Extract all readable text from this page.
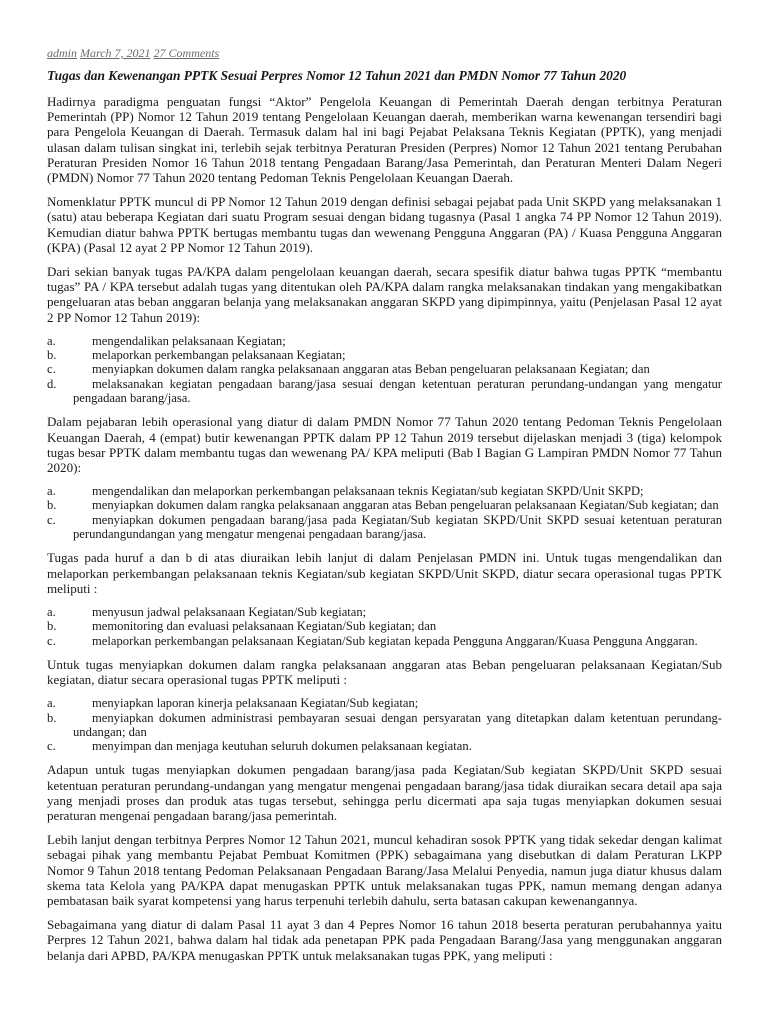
admin March 7, 2021 27 Comments
Tugas dan Kewenangan PPTK Sesuai Perpres Nomor 12 Tahun 2021 dan PMDN Nomor 77 Tahun 2020

Hadirnya paradigma penguatan fungsi “Aktor” Pengelola Keuangan di Pemerintah Daerah dengan terbitnya Peraturan Pemerintah (PP) Nomor 12 Tahun 2019 tentang Pengelolaan Keuangan daerah, memberikan warna kewenangan tersendiri bagi para Pengelola Keuangan di Daerah. Termasuk dalam hal ini bagi Pejabat Pelaksana Teknis Kegiatan (PPTK), yang menjadi ulasan dalam tulisan singkat ini, terlebih sejak terbitnya Peraturan Presiden (Perpres) Nomor 12 Tahun 2021 tentang Perubahan Peraturan Presiden Nomor 16 Tahun 2018 tentang Pengadaan Barang/Jasa Pemerintah, dan Peraturan Menteri Dalam Negeri (PMDN) Nomor 77 Tahun 2020 tentang Pedoman Teknis Pengelolaan Keuangan Daerah.

Nomenklatur PPTK muncul di PP Nomor 12 Tahun 2019 dengan definisi sebagai pejabat pada Unit SKPD yang melaksanakan 1 (satu) atau beberapa Kegiatan dari suatu Program sesuai dengan bidang tugasnya (Pasal 1 angka 74 PP Nomor 12 Tahun 2019). Kemudian diatur bahwa PPTK bertugas membantu tugas dan wewenang Pengguna Anggaran (PA) / Kuasa Pengguna Anggaran (KPA) (Pasal 12 ayat 2 PP Nomor 12 Tahun 2019).

Dari sekian banyak tugas PA/KPA dalam pengelolaan keuangan daerah, secara spesifik diatur bahwa tugas PPTK “membantu tugas” PA / KPA tersebut adalah tugas yang ditentukan oleh PA/KPA dalam rangka melaksanakan tindakan yang mengakibatkan pengeluaran atas beban anggaran belanja yang melaksanakan anggaran SKPD yang dipimpinnya, yaitu (Penjelasan Pasal 12 ayat 2 PP Nomor 12 Tahun 2019):

a.	mengendalikan pelaksanaan Kegiatan;
b.	melaporkan perkembangan pelaksanaan Kegiatan;
c.	menyiapkan dokumen dalam rangka pelaksanaan anggaran atas Beban pengeluaran pelaksanaan Kegiatan; dan
d.	melaksanakan kegiatan pengadaan barang/jasa sesuai dengan ketentuan peraturan perundang-undangan yang mengatur pengadaan barang/jasa.

Dalam pejabaran lebih operasional yang diatur di dalam PMDN Nomor 77 Tahun 2020 tentang Pedoman Teknis Pengelolaan Keuangan Daerah, 4 (empat) butir kewenangan PPTK dalam PP 12 Tahun 2019 tersebut dijelaskan menjadi 3 (tiga) kelompok tugas besar PPTK dalam membantu tugas dan wewenang PA/ KPA meliputi (Bab I Bagian G Lampiran PMDN Nomor 77 Tahun 2020):

a.	mengendalikan dan melaporkan perkembangan pelaksanaan teknis Kegiatan/sub kegiatan SKPD/Unit SKPD;
b.	menyiapkan dokumen dalam rangka pelaksanaan anggaran atas Beban pengeluaran pelaksanaan Kegiatan/Sub kegiatan; dan
c.	menyiapkan dokumen pengadaan barang/jasa pada Kegiatan/Sub kegiatan SKPD/Unit SKPD sesuai ketentuan peraturan perundangundangan yang mengatur mengenai pengadaan barang/jasa.

Tugas pada huruf a dan b di atas diuraikan lebih lanjut di dalam Penjelasan PMDN ini. Untuk tugas mengendalikan dan melaporkan perkembangan pelaksanaan teknis Kegiatan/sub kegiatan SKPD/Unit SKPD, diatur secara operasional tugas PPTK meliputi :

a.	menyusun jadwal pelaksanaan Kegiatan/Sub kegiatan;
b.	memonitoring dan evaluasi pelaksanaan Kegiatan/Sub kegiatan; dan
c.	melaporkan perkembangan pelaksanaan Kegiatan/Sub kegiatan kepada Pengguna Anggaran/Kuasa Pengguna Anggaran.

Untuk tugas menyiapkan dokumen dalam rangka pelaksanaan anggaran atas Beban pengeluaran pelaksanaan Kegiatan/Sub kegiatan, diatur secara operasional tugas PPTK meliputi :

a.	menyiapkan laporan kinerja pelaksanaan Kegiatan/Sub kegiatan;
b.	menyiapkan dokumen administrasi pembayaran sesuai dengan persyaratan yang ditetapkan dalam ketentuan perundang-undangan; dan
c.	menyimpan dan menjaga keutuhan seluruh dokumen pelaksanaan kegiatan.

Adapun untuk tugas menyiapkan dokumen pengadaan barang/jasa pada Kegiatan/Sub kegiatan SKPD/Unit SKPD sesuai ketentuan peraturan perundang-undangan yang mengatur mengenai pengadaan barang/jasa tidak diuraikan secara detail apa saja yang menjadi proses dan produk atas tugas tersebut, sehingga perlu dicermati apa saja tugas menyiapkan dokumen sesuai peraturan mengenai pengadaan barang/jasa pemerintah.

Lebih lanjut dengan terbitnya Perpres Nomor 12 Tahun 2021, muncul kehadiran sosok PPTK yang tidak sekedar dengan kalimat sebagai pihak yang membantu Pejabat Pembuat Komitmen (PPK) sebagaimana yang disebutkan di dalam Peraturan LKPP Nomor 9 Tahun 2018 tentang Pedoman Pelaksanaan Pengadaan Barang/Jasa Melalui Penyedia, namun juga diatur khusus dalam skema tata Kelola yang PA/KPA dapat menugaskan PPTK untuk melaksanakan tugas PPK, namun memang dengan adanya pembatasan baik syarat kompetensi yang harus terpenuhi terlebih dahulu, serta batasan cakupan kewenangannya.

Sebagaimana yang diatur di dalam Pasal 11 ayat 3 dan 4 Pepres Nomor 16 tahun 2018 beserta peraturan perubahannya yaitu Perpres 12 Tahun 2021, bahwa dalam hal tidak ada penetapan PPK pada Pengadaan Barang/Jasa yang menggunakan anggaran belanja dari APBD, PA/KPA menugaskan PPTK untuk melaksanakan tugas PPK, yang meliputi :
